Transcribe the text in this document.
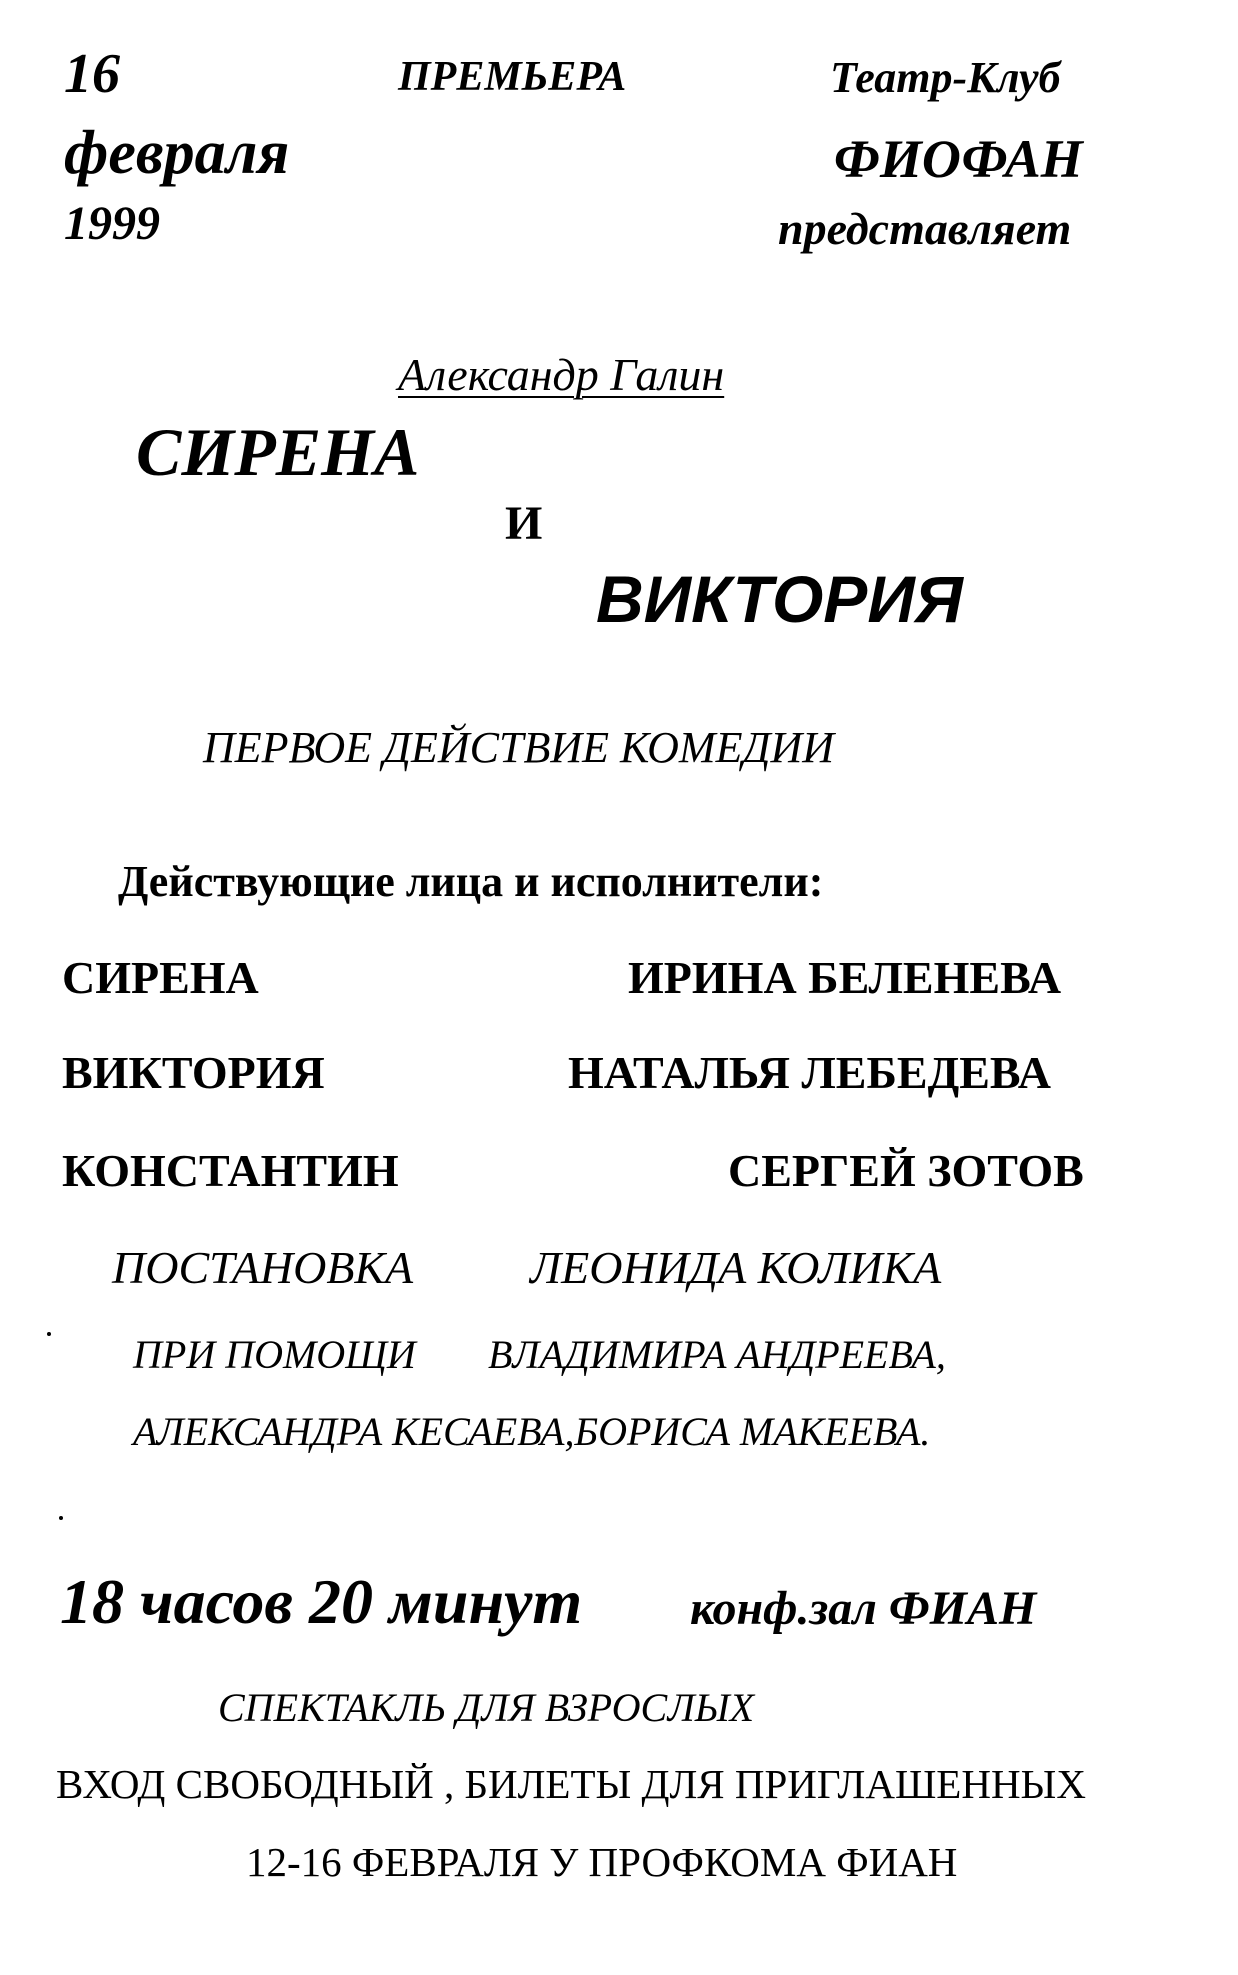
16
февраля
1999
ПРЕМЬЕРА	Театр-Клуб
ФИОФАН
представляет
Александр Галин
СИРЕНА
И
ВИКТОРИЯ
ПЕРВОЕ ДЕЙСТВИЕ КОМЕДИИ
Действующие лица и исполнители:
СИРЕНА	ИРИНА БЕЛЕНЕВА
ВИКТОРИЯ	НАТАЛЬЯ ЛЕБЕДЕВА
КОНСТАНТИН	СЕРГЕЙ ЗОТОВ
ПОСТАНОВКА	ЛЕОНИДА КОЛИКА
ПРИ ПОМОЩИ ВЛАДИМИРА АНДРЕЕВА,
АЛЕКСАНДРА КЕСАЕВА,БОРИСА МАКЕЕВА.
18 часов 20 минут конф.зал ФИАН
СПЕКТАКЛЬ ДЛЯ ВЗРОСЛЫХ
ВХОД СВОБОДНЫЙ , БИЛЕТЫ ДЛЯ ПРИГЛАШЕННЫХ
12-16 ФЕВРАЛЯ У ПРОФКОМА ФИАН
